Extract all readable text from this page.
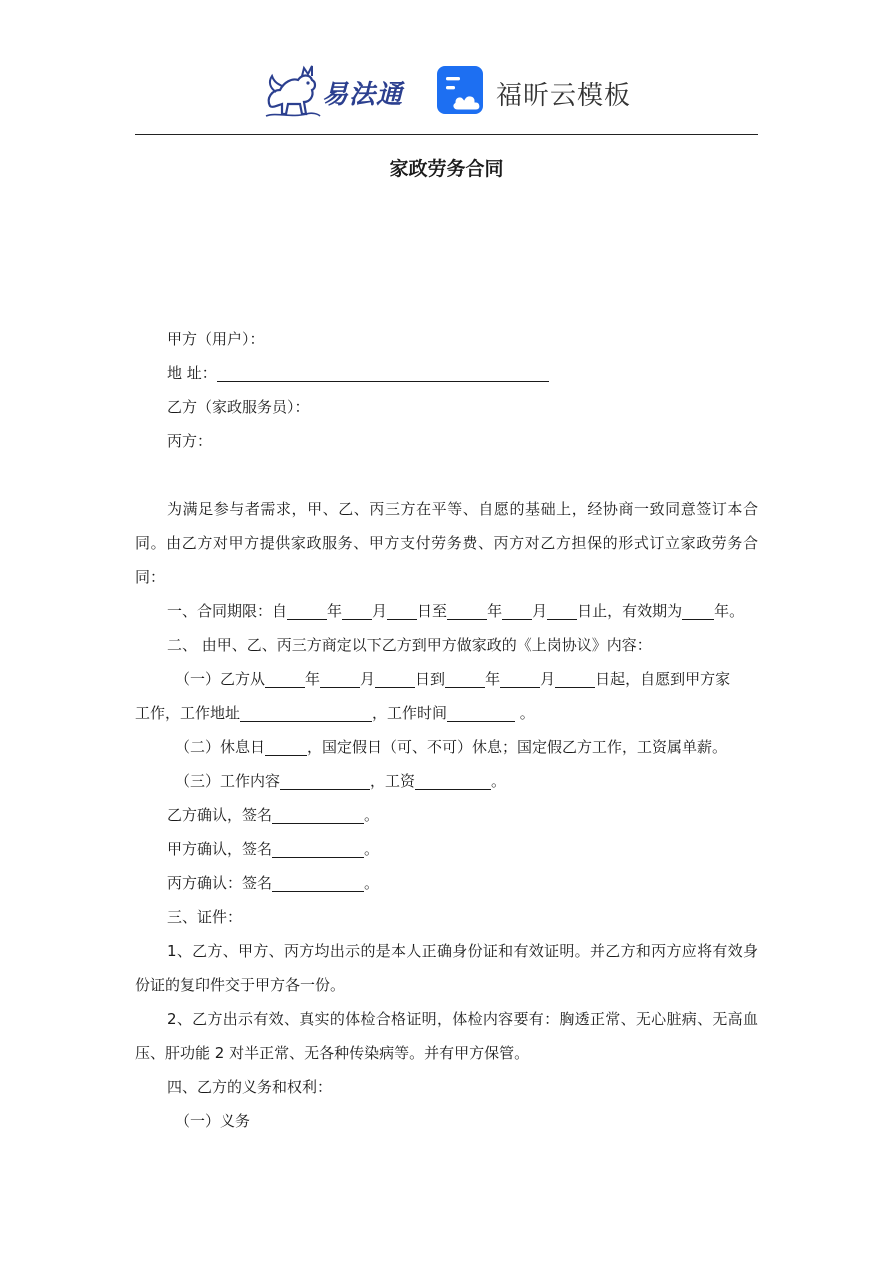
易法通	福昕云模板
家政劳务合同
甲方（用户）：
地 址：
乙方（家政服务员）：
丙方：
为满足参与者需求，甲、乙、丙三方在平等、自愿的基础上，经协商一致同意签订本合同。由乙方对甲方提供家政服务、甲方支付劳务费、丙方对乙方担保的形式订立家政劳务合同：
一、合同期限：自	年 月 日至	年 月 日止，有效期为 年。
二、 由甲、乙、丙三方商定以下乙方到甲方做家政的《上岗协议》内容：
（一）乙方从	年	月	日到	年	月	日起，自愿到甲方家
工作，工作地址	，工作时间	。
（二）休息日	，国定假日（可、不可）休息；国定假乙方工作，工资属单薪。
（三）工作内容	，工资	。
乙方确认，签名	。
甲方确认，签名	。
丙方确认：签名	。
三、证件：
1、乙方、甲方、丙方均出示的是本人正确身份证和有效证明。并乙方和丙方应将有效身份证的复印件交于甲方各一份。
2、乙方出示有效、真实的体检合格证明，体检内容要有：胸透正常、无心脏病、无高血压、肝功能 2 对半正常、无各种传染病等。并有甲方保管。
四、乙方的义务和权利：
（一）义务
